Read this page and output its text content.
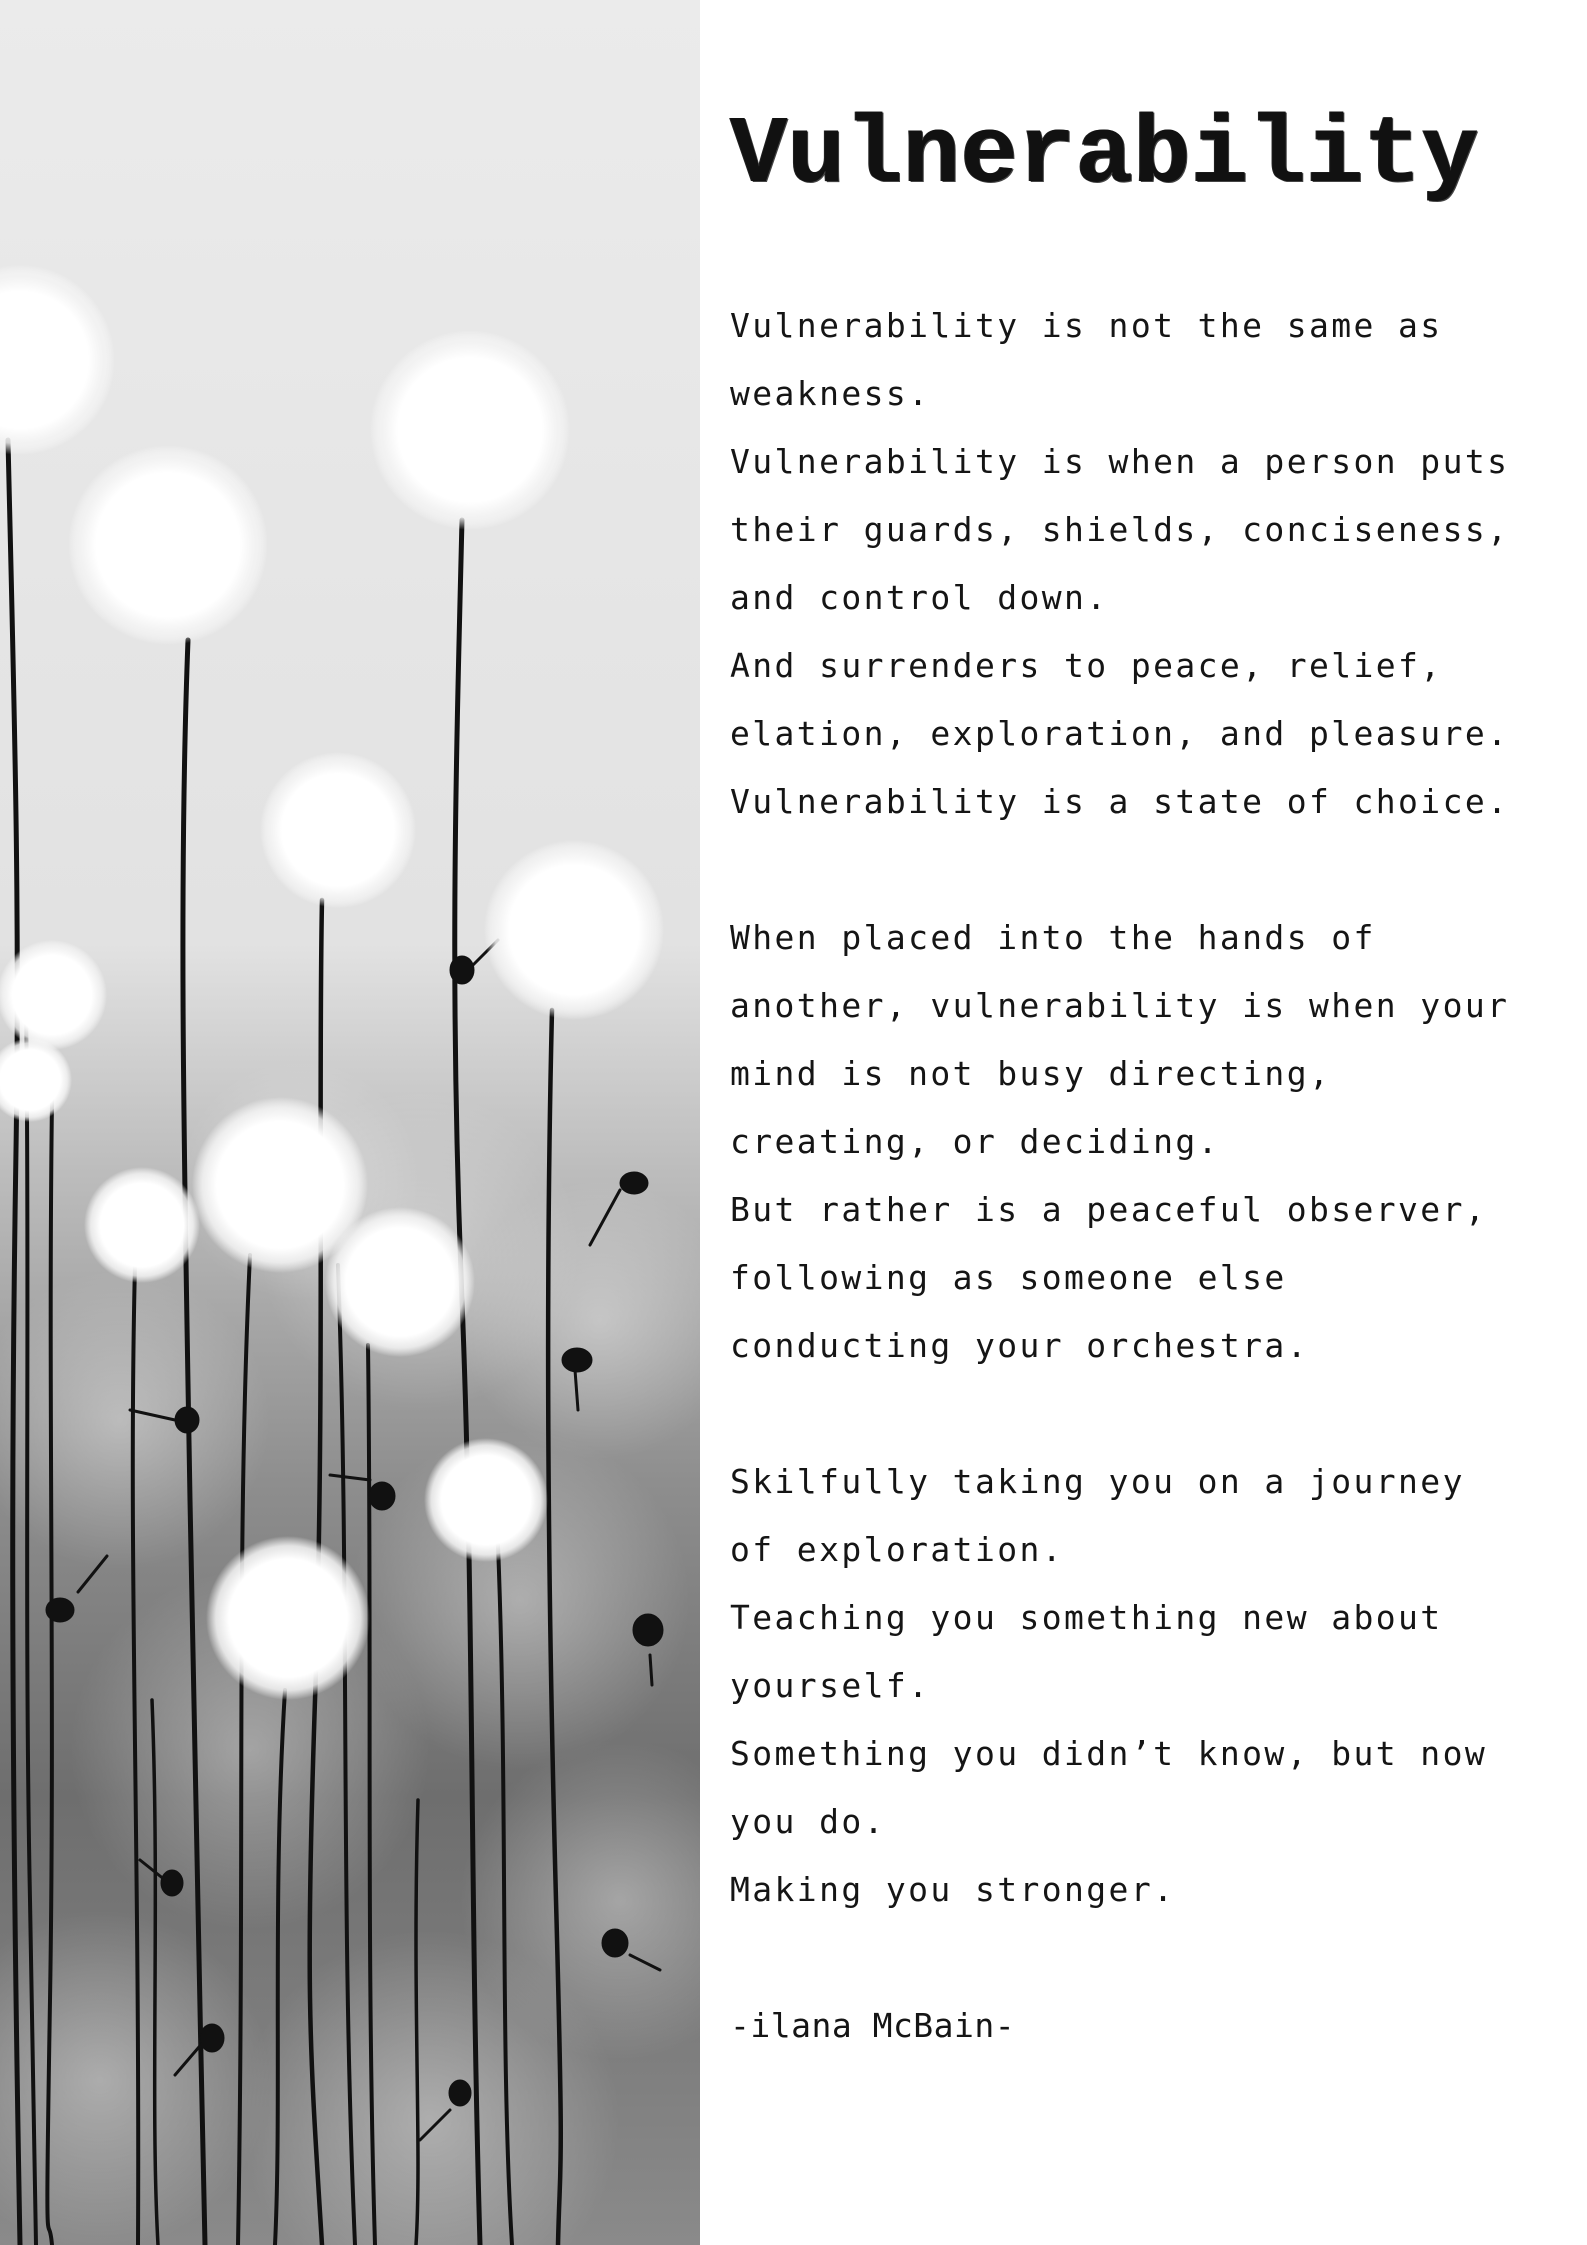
Vulnerability
Vulnerability is not the same as
weakness.
Vulnerability is when a person puts
their guards, shields, conciseness,
and control down.
And surrenders to peace, relief,
elation, exploration, and pleasure.
Vulnerability is a state of choice.
When placed into the hands of
another, vulnerability is when your
mind is not busy directing,
creating, or deciding.
But rather is a peaceful observer,
following as someone else
conducting your orchestra.
Skilfully taking you on a journey
of exploration.
Teaching you something new about
yourself.
Something you didn’t know, but now
you do.
Making you stronger.
-ilana McBain-
